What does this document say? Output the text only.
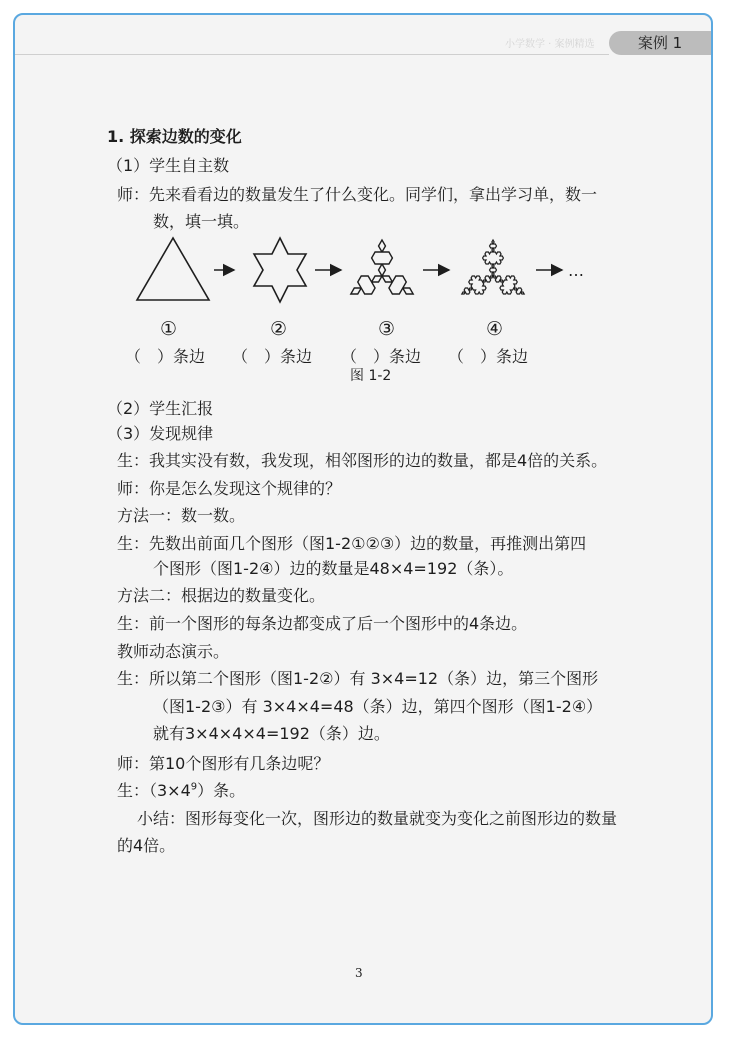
小学数学 · 案例精选	案例 1
1. 探索边数的变化
（1）学生自主数
师：先来看看边的数量发生了什么变化。同学们，拿出学习单，数一
数，填一填。
…
①	②	③	④
（　）条边 （　）条边 （　）条边 （　）条边
图 1-2
（2）学生汇报
（3）发现规律
生：我其实没有数，我发现，相邻图形的边的数量，都是4倍的关系。
师：你是怎么发现这个规律的？
方法一：数一数。
生：先数出前面几个图形（图1-2①②③）边的数量，再推测出第四
个图形（图1-2④）边的数量是48×4=192（条）。
方法二：根据边的数量变化。
生：前一个图形的每条边都变成了后一个图形中的4条边。
教师动态演示。
生：所以第二个图形（图1-2②）有 3×4=12（条）边，第三个图形
（图1-2③）有 3×4×4=48（条）边，第四个图形（图1-2④）
就有3×4×4×4=192（条）边。
师：第10个图形有几条边呢？
生：$(3\times 4^9)$条。
小结：图形每变化一次，图形边的数量就变为变化之前图形边的数量
的4倍。
3
